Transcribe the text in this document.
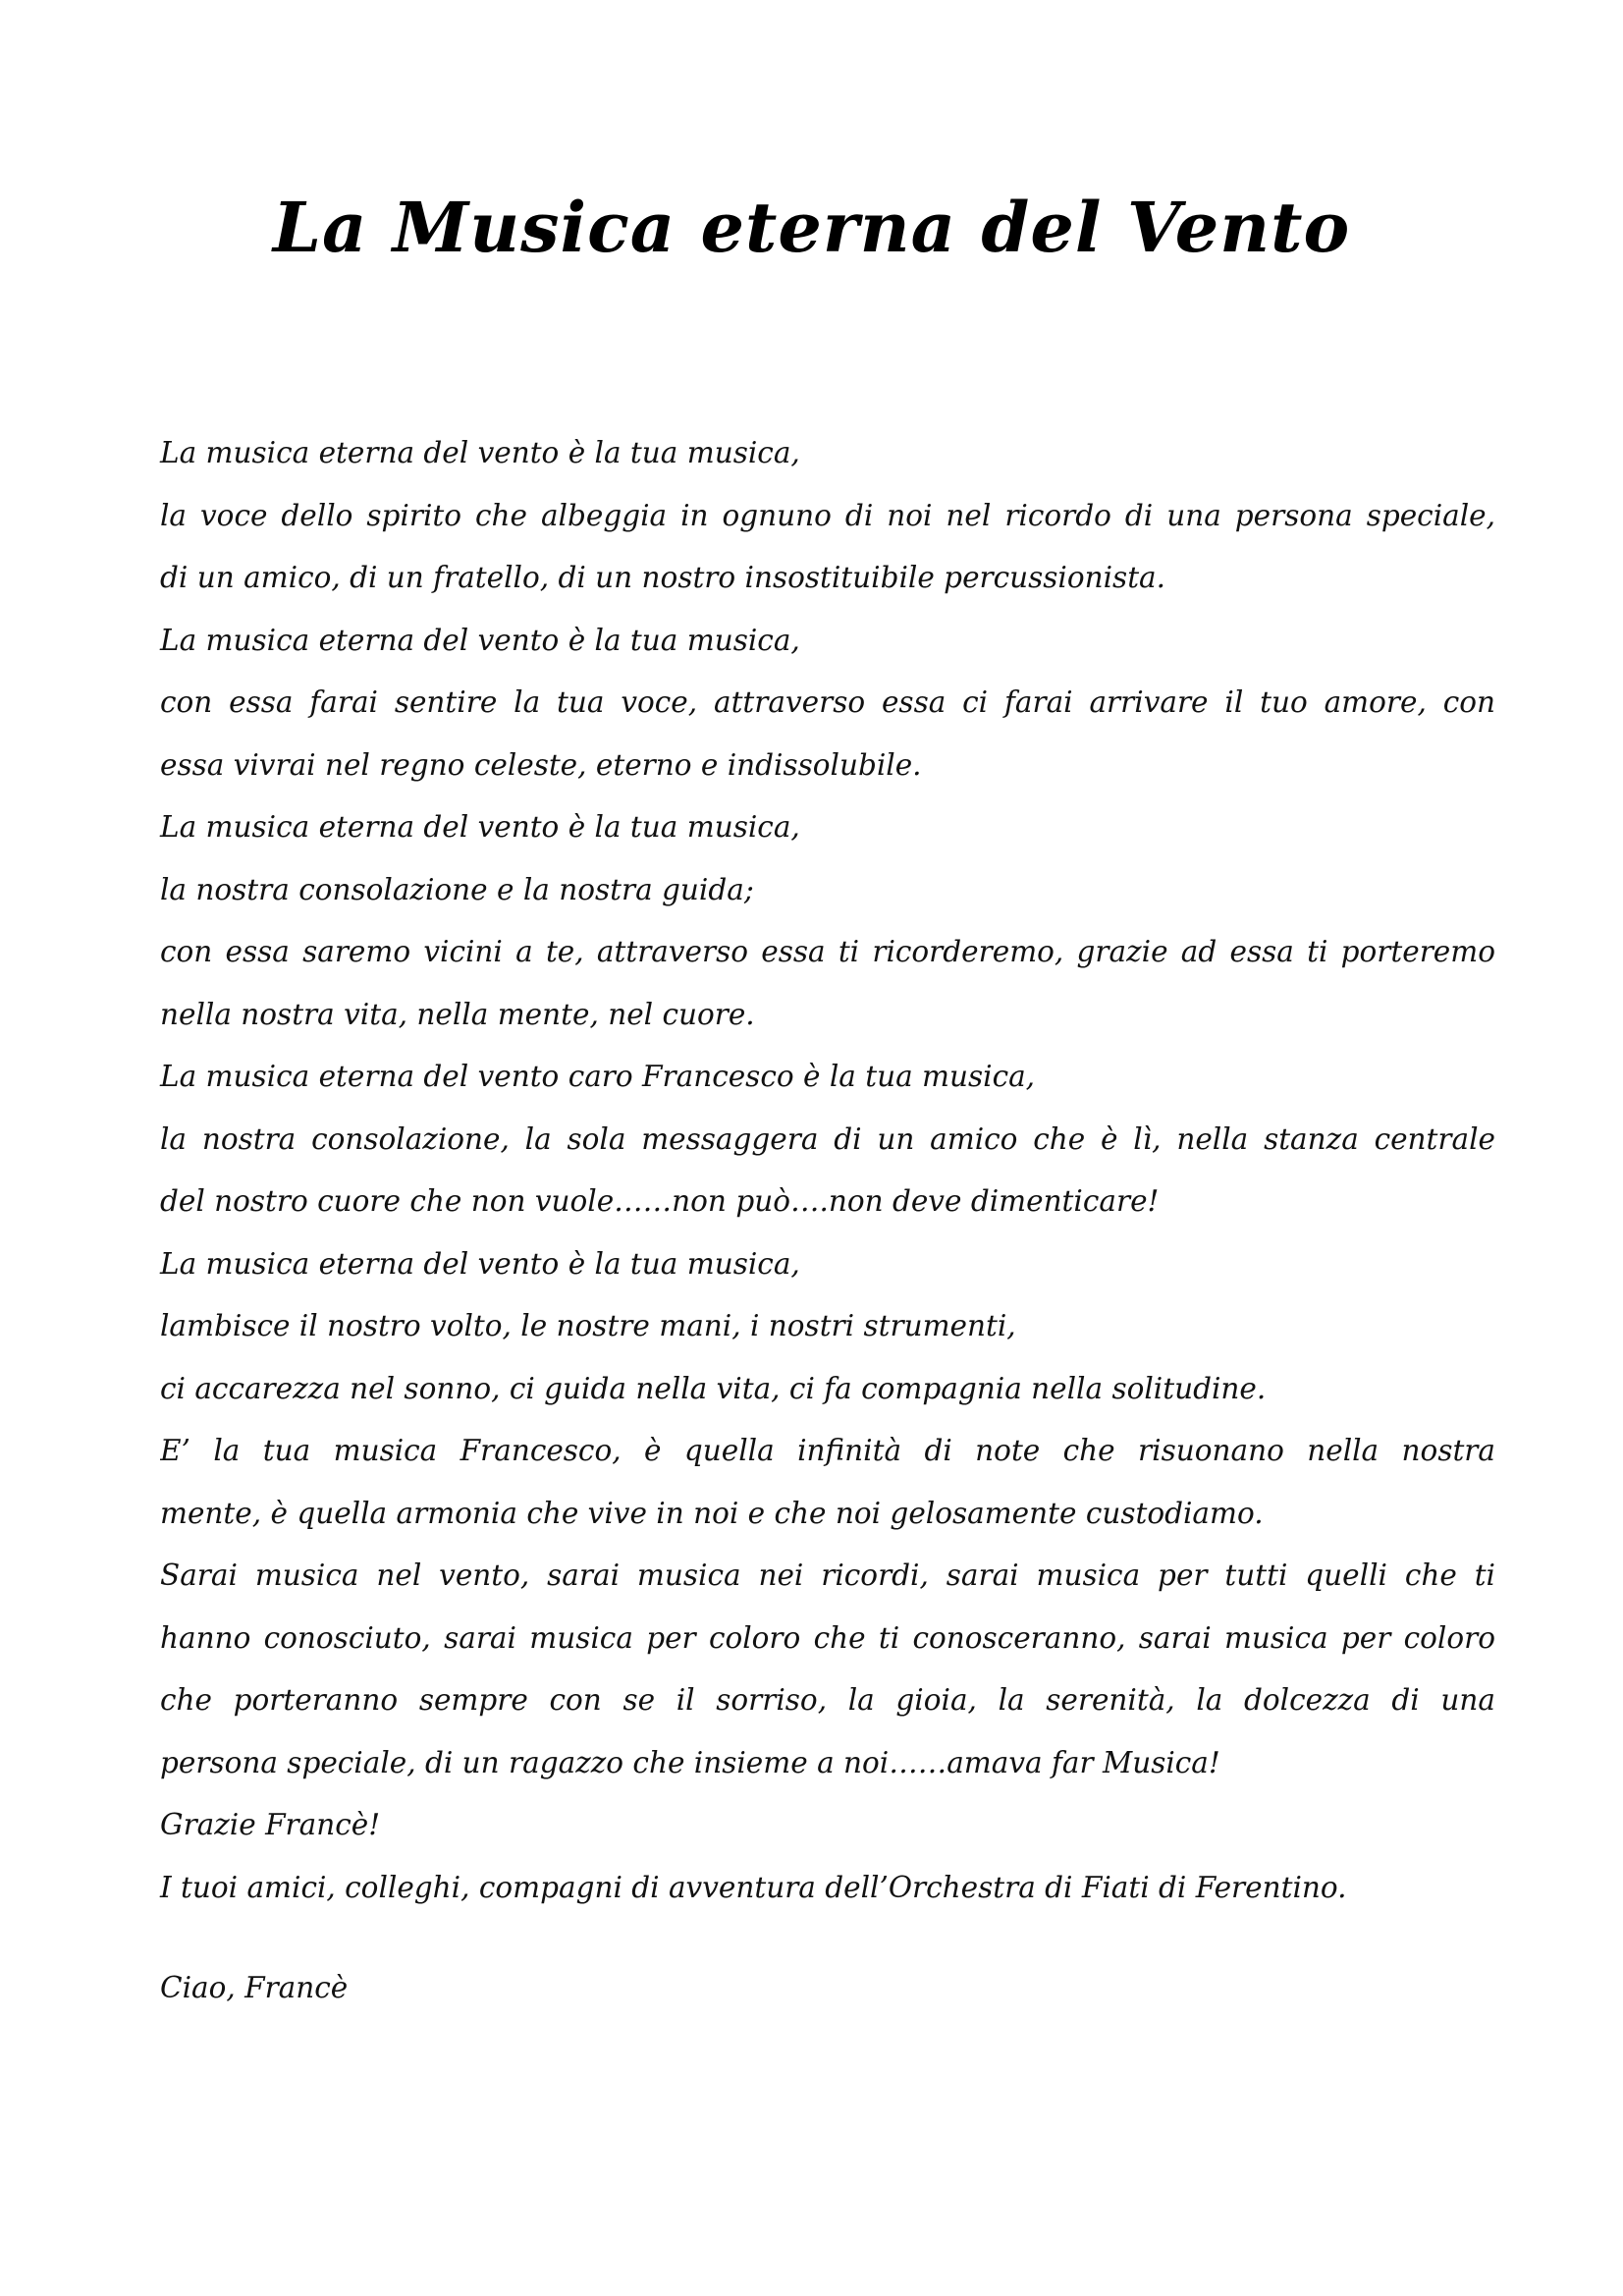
La Musica eterna del Vento
La musica eterna del vento è la tua musica,
la voce dello spirito che albeggia in ognuno di noi nel ricordo di una persona speciale,
di un amico, di un fratello, di un nostro insostituibile percussionista.
La musica eterna del vento è la tua musica,
con essa farai sentire la tua voce, attraverso essa ci farai arrivare il tuo amore, con
essa vivrai nel regno celeste, eterno e indissolubile.
La musica eterna del vento è la tua musica,
la nostra consolazione e la nostra guida;
con essa saremo vicini a te, attraverso essa ti ricorderemo, grazie ad essa ti porteremo
nella nostra vita, nella mente, nel cuore.
La musica eterna del vento caro Francesco è la tua musica,
la nostra consolazione, la sola messaggera di un amico che è lì, nella stanza centrale
del nostro cuore che non vuole……non può….non deve dimenticare!
La musica eterna del vento è la tua musica,
lambisce il nostro volto, le nostre mani, i nostri strumenti,
ci accarezza nel sonno, ci guida nella vita, ci fa compagnia nella solitudine.
E’ la tua musica Francesco, è quella infinità di note che risuonano nella nostra
mente, è quella armonia che vive in noi e che noi gelosamente custodiamo.
Sarai musica nel vento, sarai musica nei ricordi, sarai musica per tutti quelli che ti
hanno conosciuto, sarai musica per coloro che ti conosceranno, sarai musica per coloro
che porteranno sempre con se il sorriso, la gioia, la serenità, la dolcezza di una
persona speciale, di un ragazzo che insieme a noi……amava far Musica!
Grazie Francè!
I tuoi amici, colleghi, compagni di avventura dell’Orchestra di Fiati di Ferentino.
Ciao, Francè
